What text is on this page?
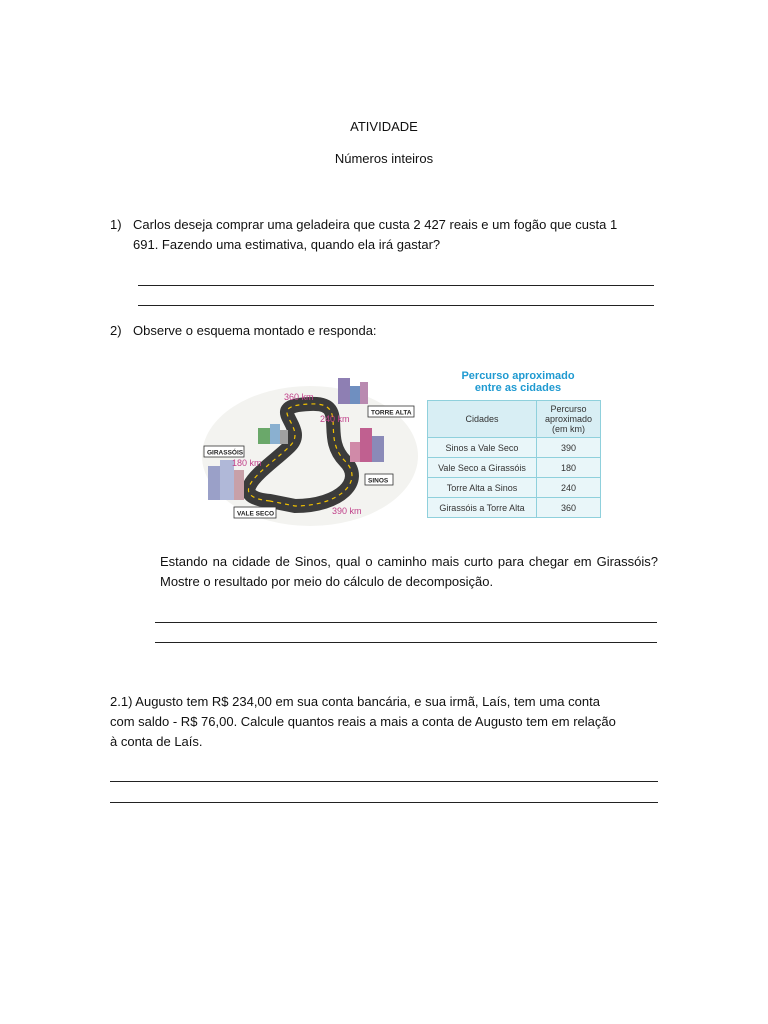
ATIVIDADE
Números inteiros
1) Carlos deseja comprar uma geladeira que custa 2 427 reais e um fogão que custa 1
691. Fazendo uma estimativa, quando ela irá gastar?
2) Observe o esquema montado e responda:
360 km
240 km
180 km
390 km
TORRE ALTA
GIRASSÓIS
SINOS
VALE SECO
Percurso aproximado
entre as cidades
Cidades	Percurso
aproximado
(em km)

Sinos a Vale Seco	390
Vale Seco a Girassóis	180
Torre Alta a Sinos	240
Girassóis a Torre Alta	360
Estando na cidade de Sinos, qual o caminho mais curto para chegar em Girassóis? Mostre o resultado por meio do cálculo de decomposição.
2.1) Augusto tem R$ 234,00 em sua conta bancária, e sua irmã, Laís, tem uma conta
com saldo - R$ 76,00. Calcule quantos reais a mais a conta de Augusto tem em relação
à conta de Laís.
